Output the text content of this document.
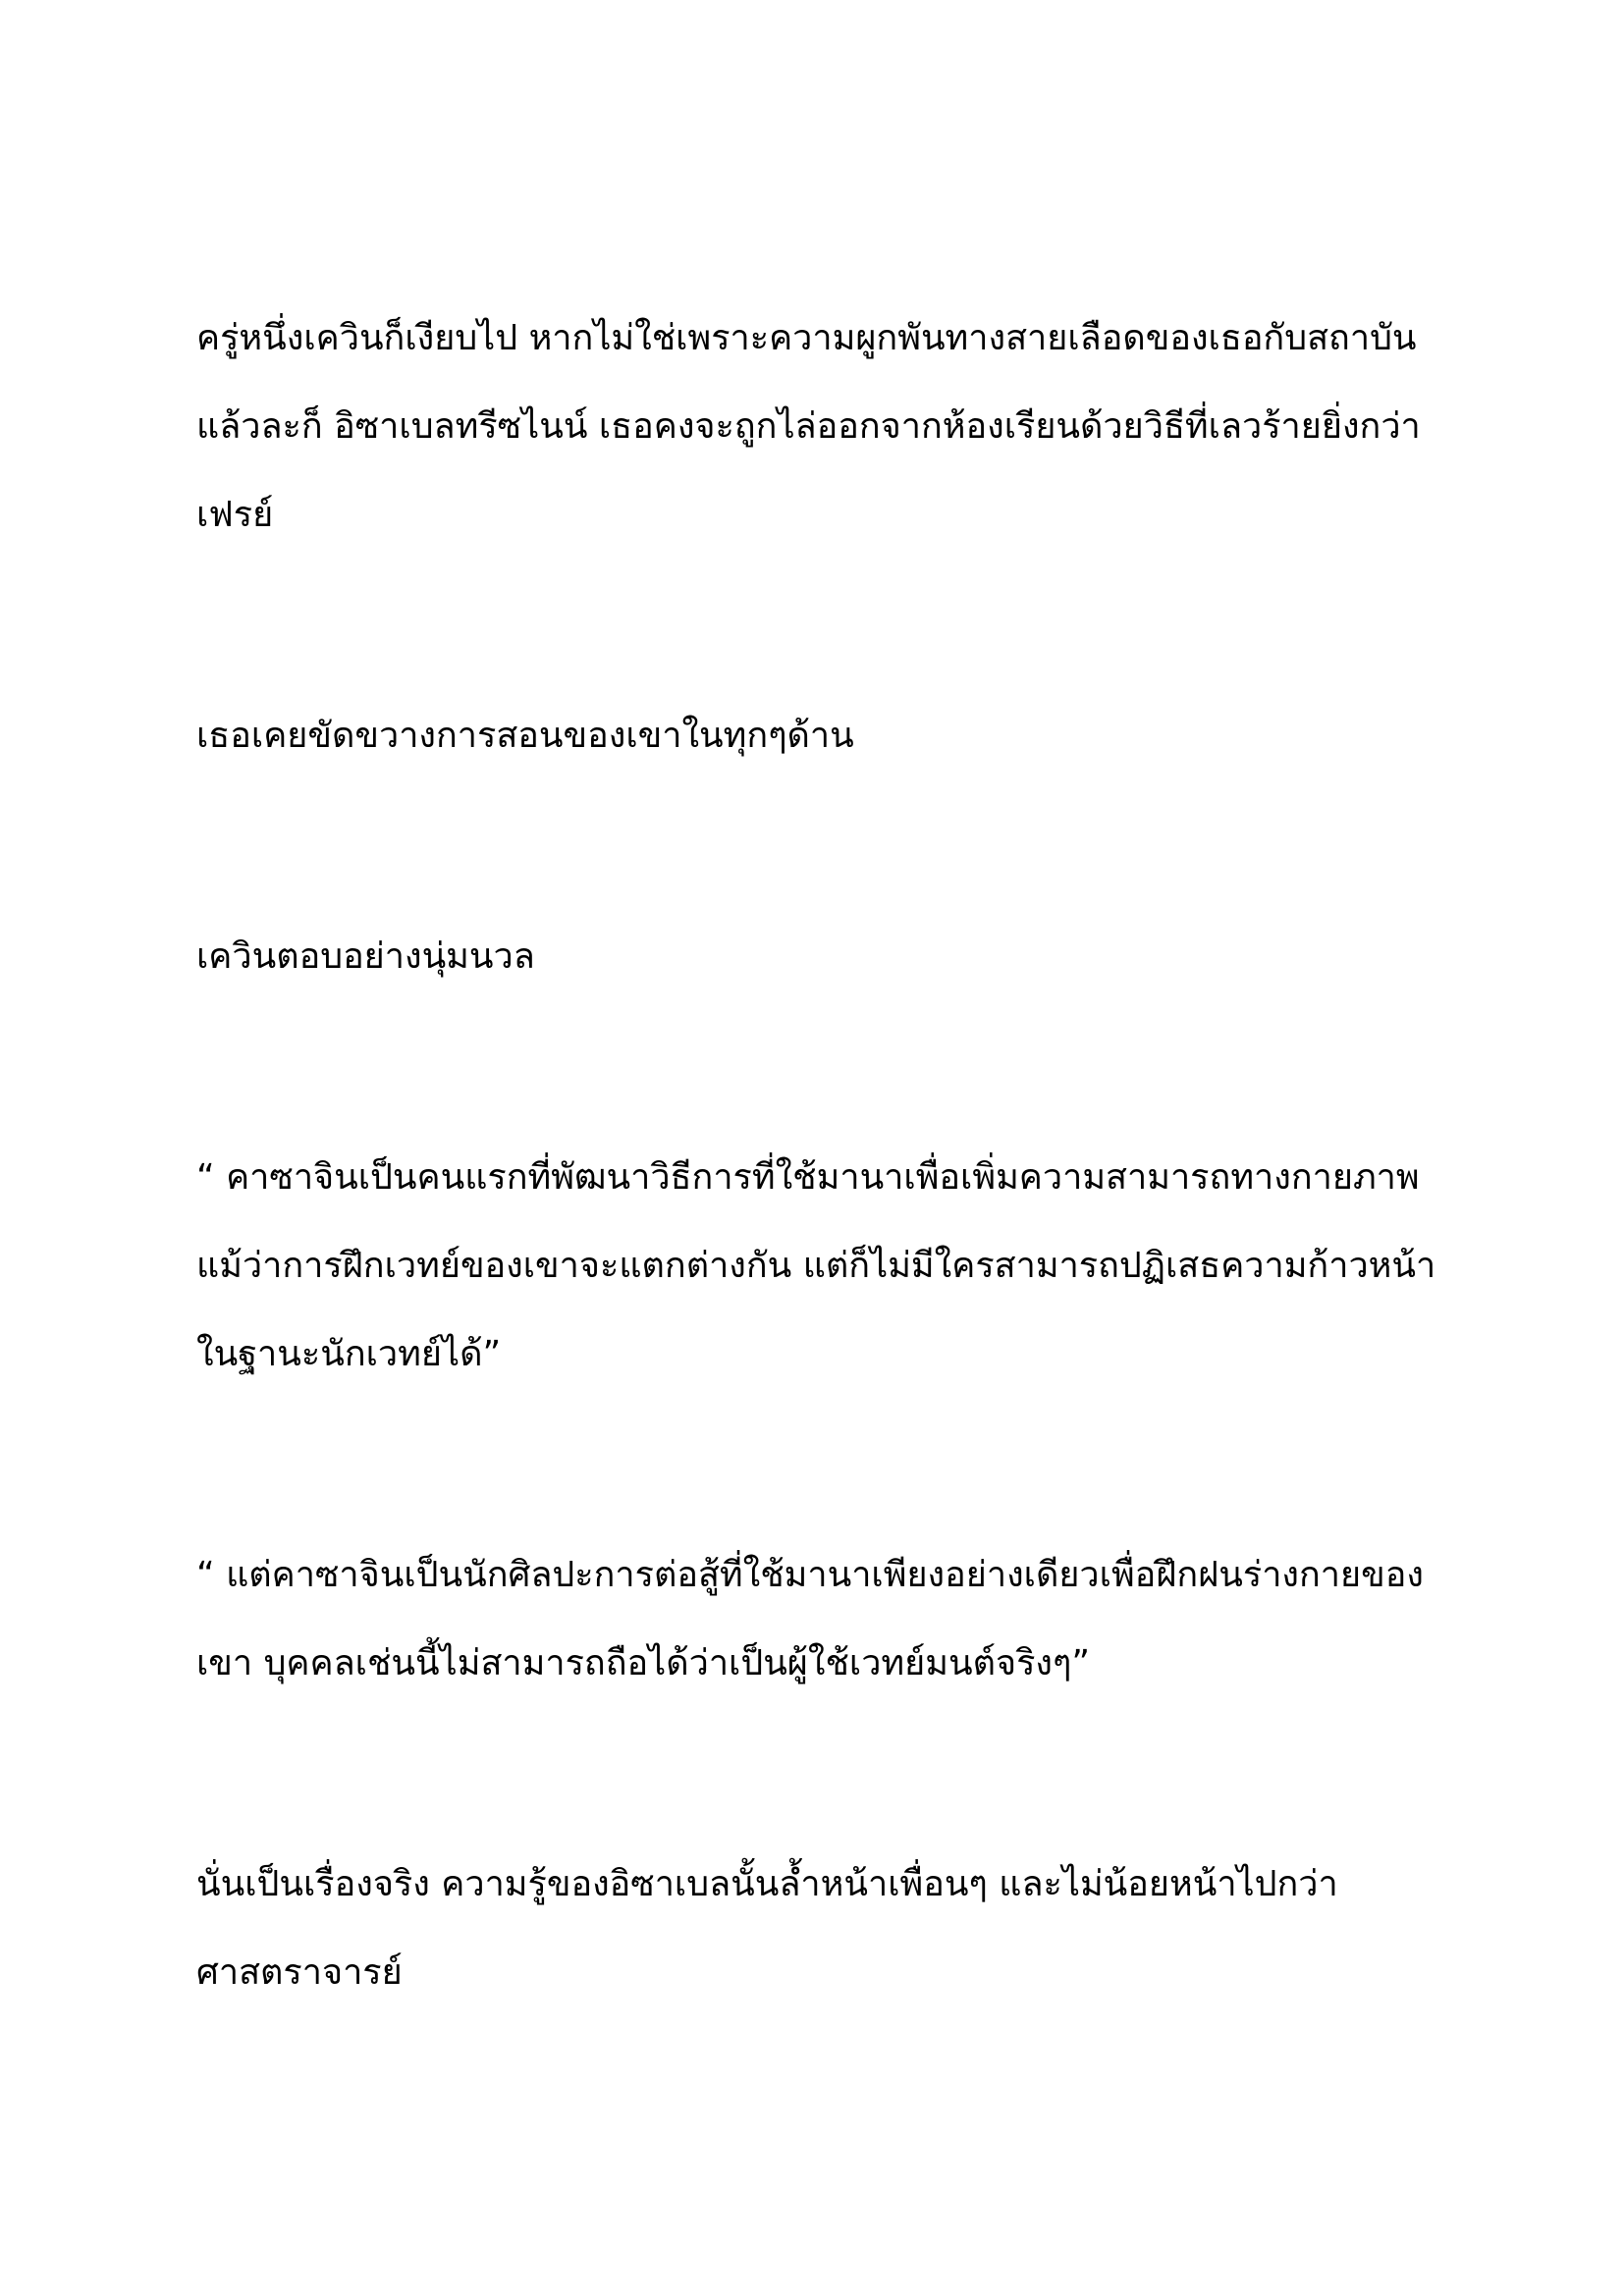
ครู่หนึ่งเควินก็เงียบไป หากไม่ใช่เพราะความผูกพันทางสายเลือดของเธอกับสถาบัน
แล้วละก็ อิซาเบลทรีซไนน์ เธอคงจะถูกไล่ออกจากห้องเรียนด้วยวิธีที่เลวร้ายยิ่งกว่า
เฟรย์

เธอเคยขัดขวางการสอนของเขาในทุกๆด้าน

เควินตอบอย่างนุ่มนวล

“ คาซาจินเป็นคนแรกที่พัฒนาวิธีการที่ใช้มานาเพื่อเพิ่มความสามารถทางกายภาพ
แม้ว่าการฝึกเวทย์ของเขาจะแตกต่างกัน แต่ก็ไม่มีใครสามารถปฏิเสธความก้าวหน้า
ในฐานะนักเวทย์ได้”

“ แต่คาซาจินเป็นนักศิลปะการต่อสู้ที่ใช้มานาเพียงอย่างเดียวเพื่อฝึกฝนร่างกายของ
เขา บุคคลเช่นนี้ไม่สามารถถือได้ว่าเป็นผู้ใช้เวทย์มนต์จริงๆ”

นั่นเป็นเรื่องจริง ความรู้ของอิซาเบลนั้นล้ำหน้าเพื่อนๆ และไม่น้อยหน้าไปกว่า
ศาสตราจารย์
